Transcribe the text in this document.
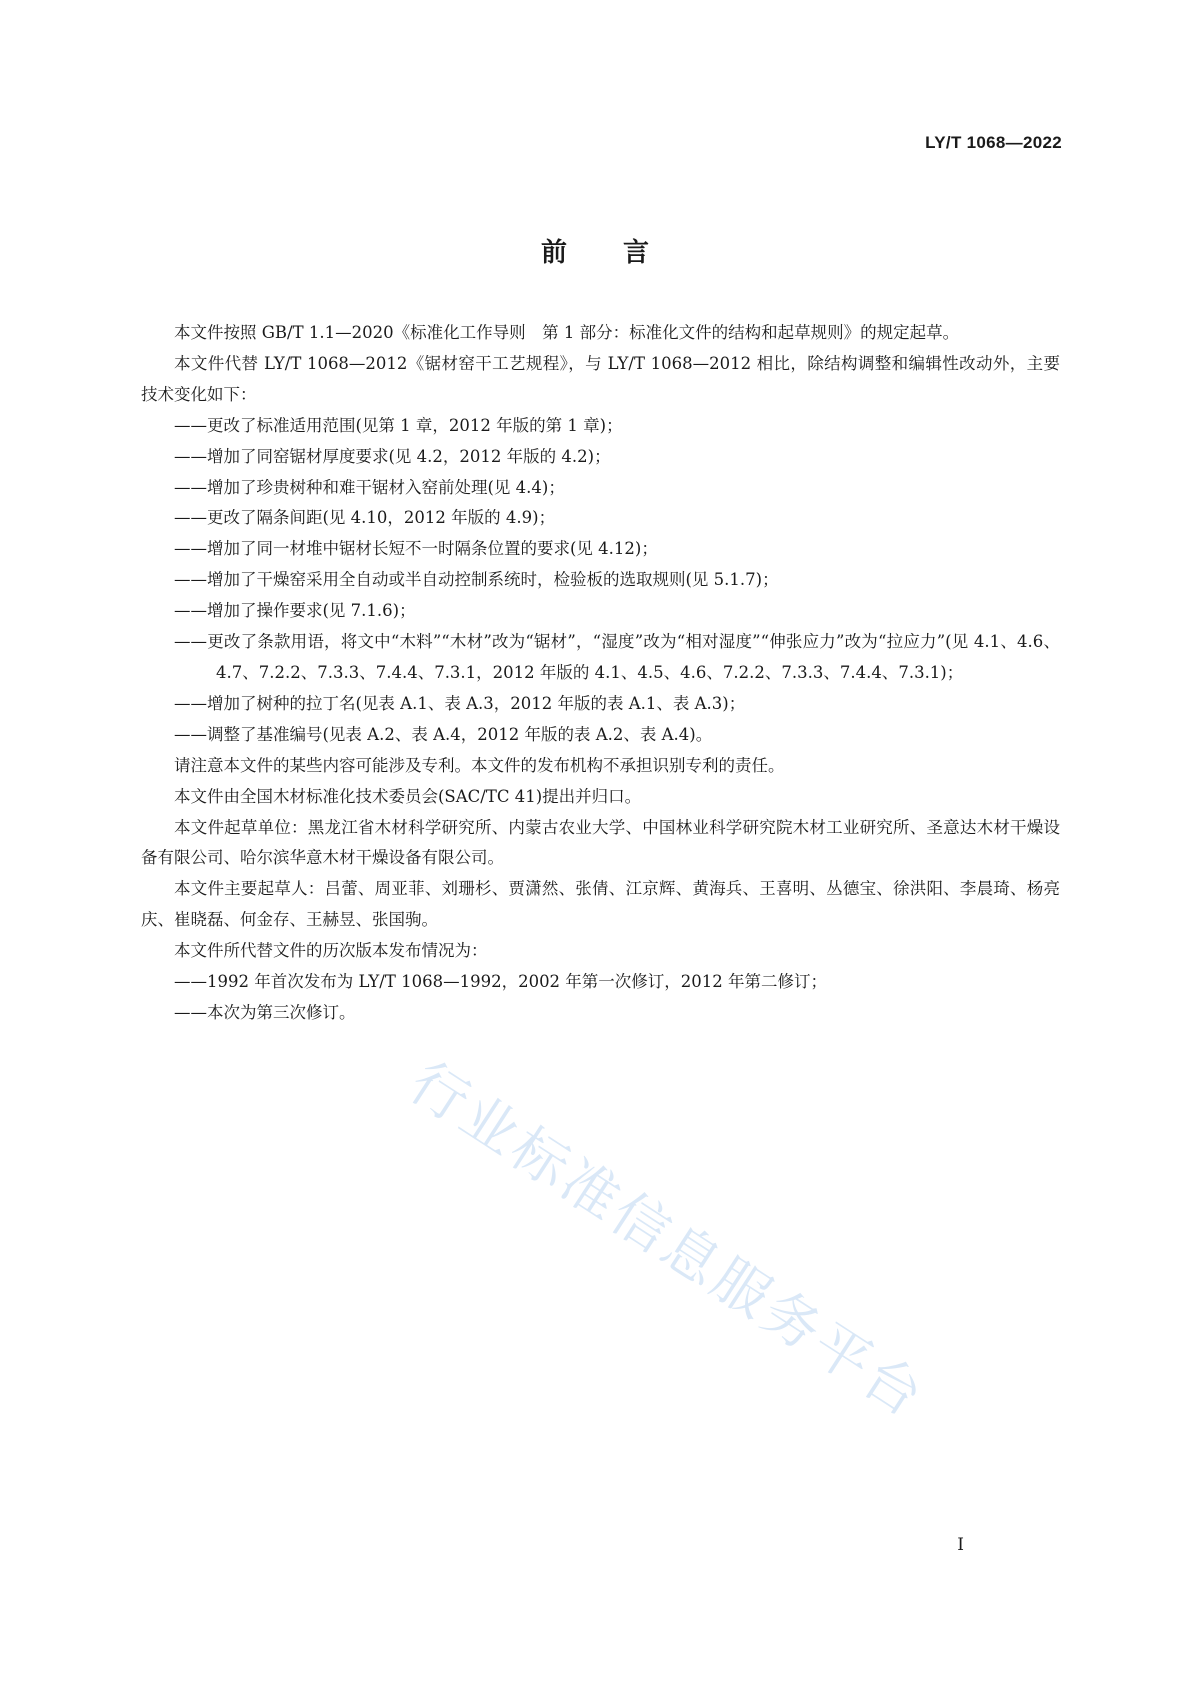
LY/T 1068—2022
前 言

本文件按照 GB/T 1.1—2020《标准化工作导则　第 1 部分：标准化文件的结构和起草规则》的规定起草。

本文件代替 LY/T 1068—2012《锯材窑干工艺规程》，与 LY/T 1068—2012 相比，除结构调整和编辑性改动外，主要技术变化如下：

——更改了标准适用范围(见第 1 章，2012 年版的第 1 章)；

——增加了同窑锯材厚度要求(见 4.2，2012 年版的 4.2)；

——增加了珍贵树种和难干锯材入窑前处理(见 4.4)；

——更改了隔条间距(见 4.10，2012 年版的 4.9)；

——增加了同一材堆中锯材长短不一时隔条位置的要求(见 4.12)；

——增加了干燥窑采用全自动或半自动控制系统时，检验板的选取规则(见 5.1.7)；

——增加了操作要求(见 7.1.6)；

——更改了条款用语，将文中“木料”“木材”改为“锯材”，“湿度”改为“相对湿度”“伸张应力”改为“拉应力”(见 4.1、4.6、4.7、7.2.2、7.3.3、7.4.4、7.3.1，2012 年版的 4.1、4.5、4.6、7.2.2、7.3.3、7.4.4、7.3.1)；

——增加了树种的拉丁名(见表 A.1、表 A.3，2012 年版的表 A.1、表 A.3)；

——调整了基准编号(见表 A.2、表 A.4，2012 年版的表 A.2、表 A.4)。

请注意本文件的某些内容可能涉及专利。本文件的发布机构不承担识别专利的责任。

本文件由全国木材标准化技术委员会(SAC/TC 41)提出并归口。

本文件起草单位：黑龙江省木材科学研究所、内蒙古农业大学、中国林业科学研究院木材工业研究所、圣意达木材干燥设备有限公司、哈尔滨华意木材干燥设备有限公司。

本文件主要起草人：吕蕾、周亚菲、刘珊杉、贾潇然、张倩、江京辉、黄海兵、王喜明、丛德宝、徐洪阳、李晨琦、杨亮庆、崔晓磊、何金存、王赫昱、张国驹。

本文件所代替文件的历次版本发布情况为：

——1992 年首次发布为 LY/T 1068—1992，2002 年第一次修订，2012 年第二修订；

——本次为第三次修订。

行业标准信息服务平台
I
